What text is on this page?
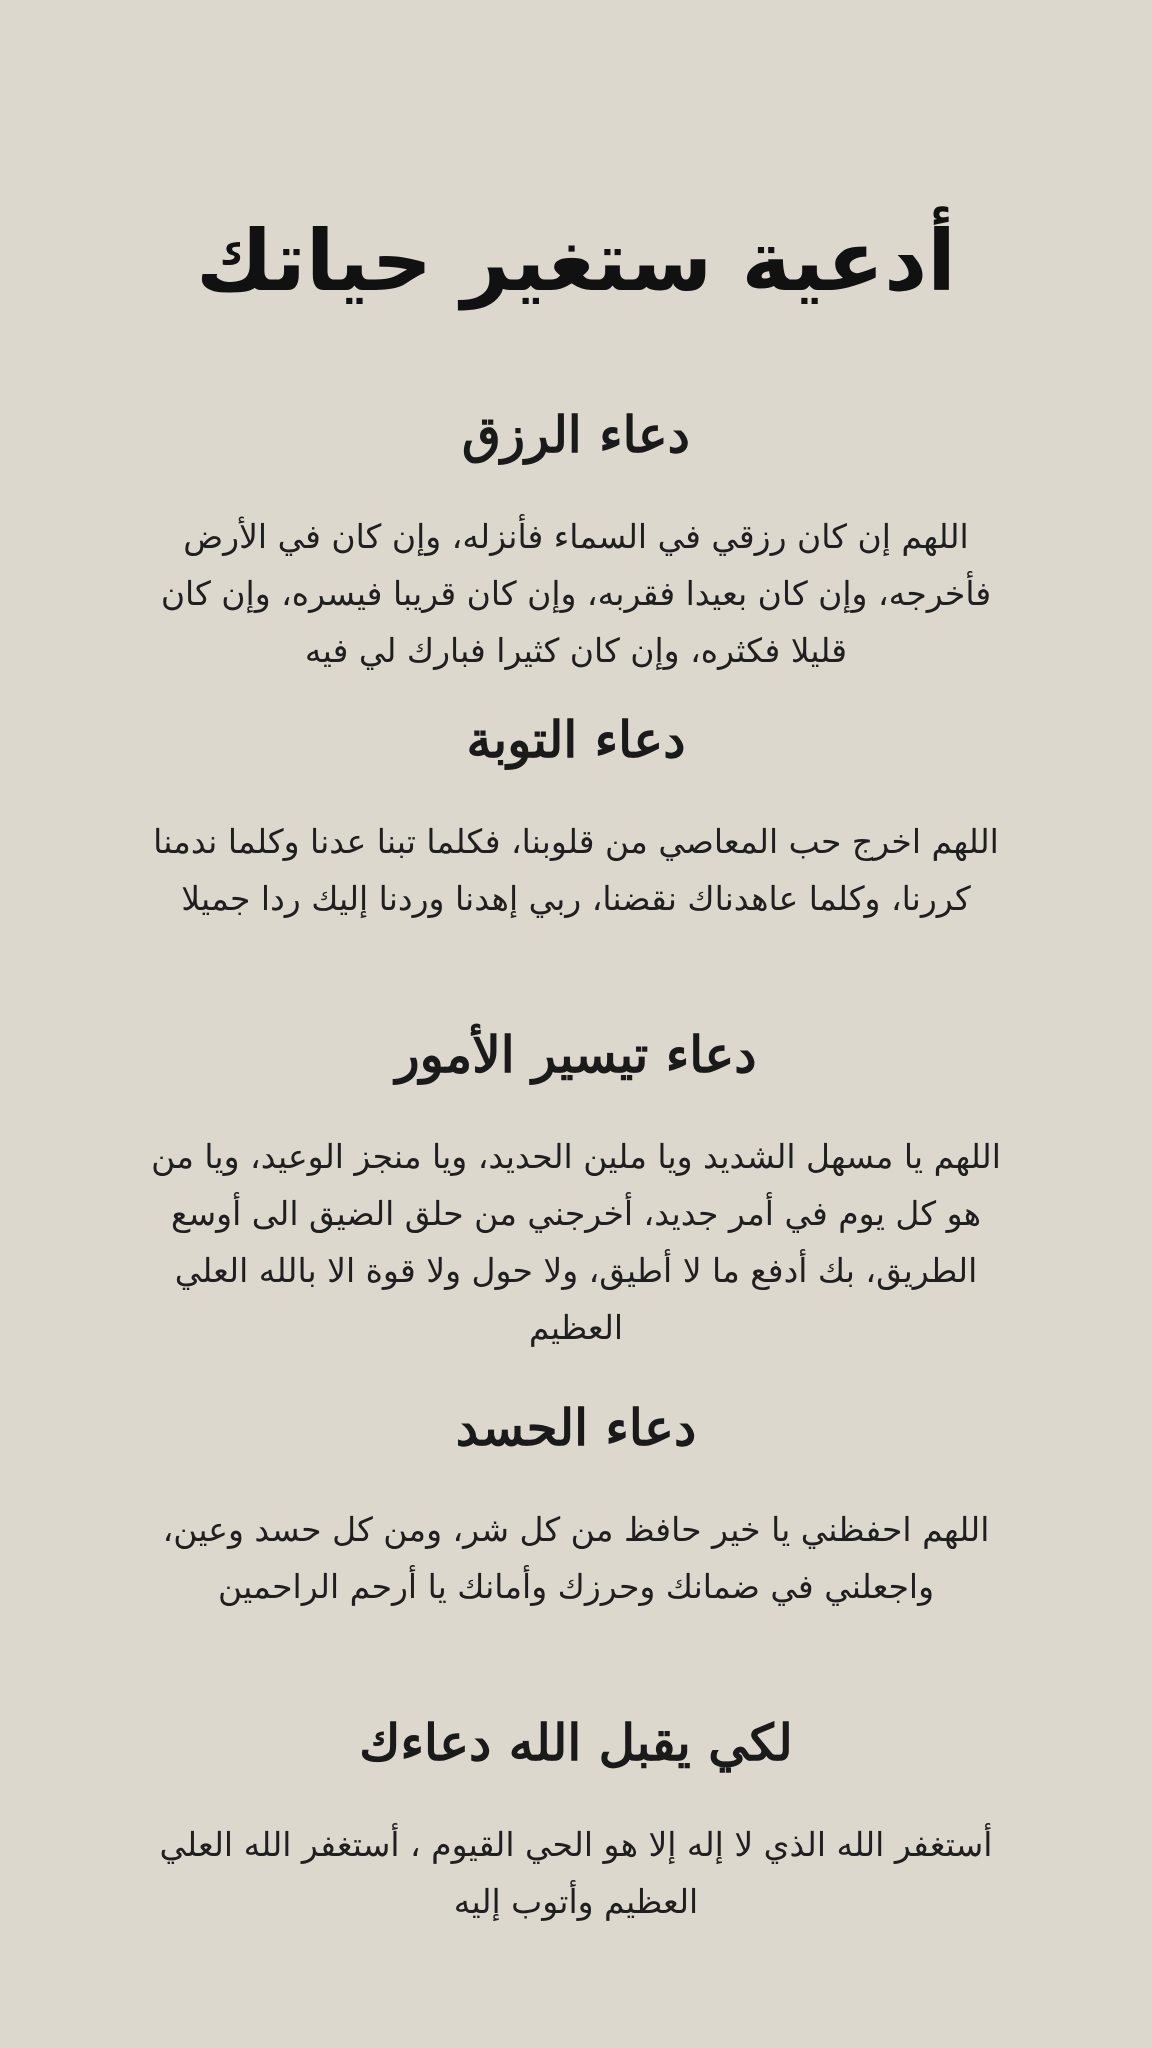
أدعية ستغير حياتك
دعاء الرزق

اللهم إن كان رزقي في السماء فأنزله، وإن كان في الأرض فأخرجه، وإن كان بعيدا فقربه، وإن كان قريبا فيسره، وإن كان قليلا فكثره، وإن كان كثيرا فبارك لي فيه

دعاء التوبة

اللهم اخرج حب المعاصي من قلوبنا، فكلما تبنا عدنا وكلما ندمنا كررنا، وكلما عاهدناك نقضنا، ربي إهدنا وردنا إليك ردا جميلا

دعاء تيسير الأمور

اللهم يا مسهل الشديد ويا ملين الحديد، ويا منجز الوعيد، ويا من هو كل يوم في أمر جديد، أخرجني من حلق الضيق الى أوسع الطريق، بك أدفع ما لا أطيق، ولا حول ولا قوة الا بالله العلي العظيم

دعاء الحسد

اللهم احفظني يا خير حافظ من كل شر، ومن كل حسد وعين، واجعلني في ضمانك وحرزك وأمانك يا أرحم الراحمين

لكي يقبل الله دعاءك

أستغفر الله الذي لا إله إلا هو الحي القيوم ، أستغفر الله العلي العظيم وأتوب إليه
